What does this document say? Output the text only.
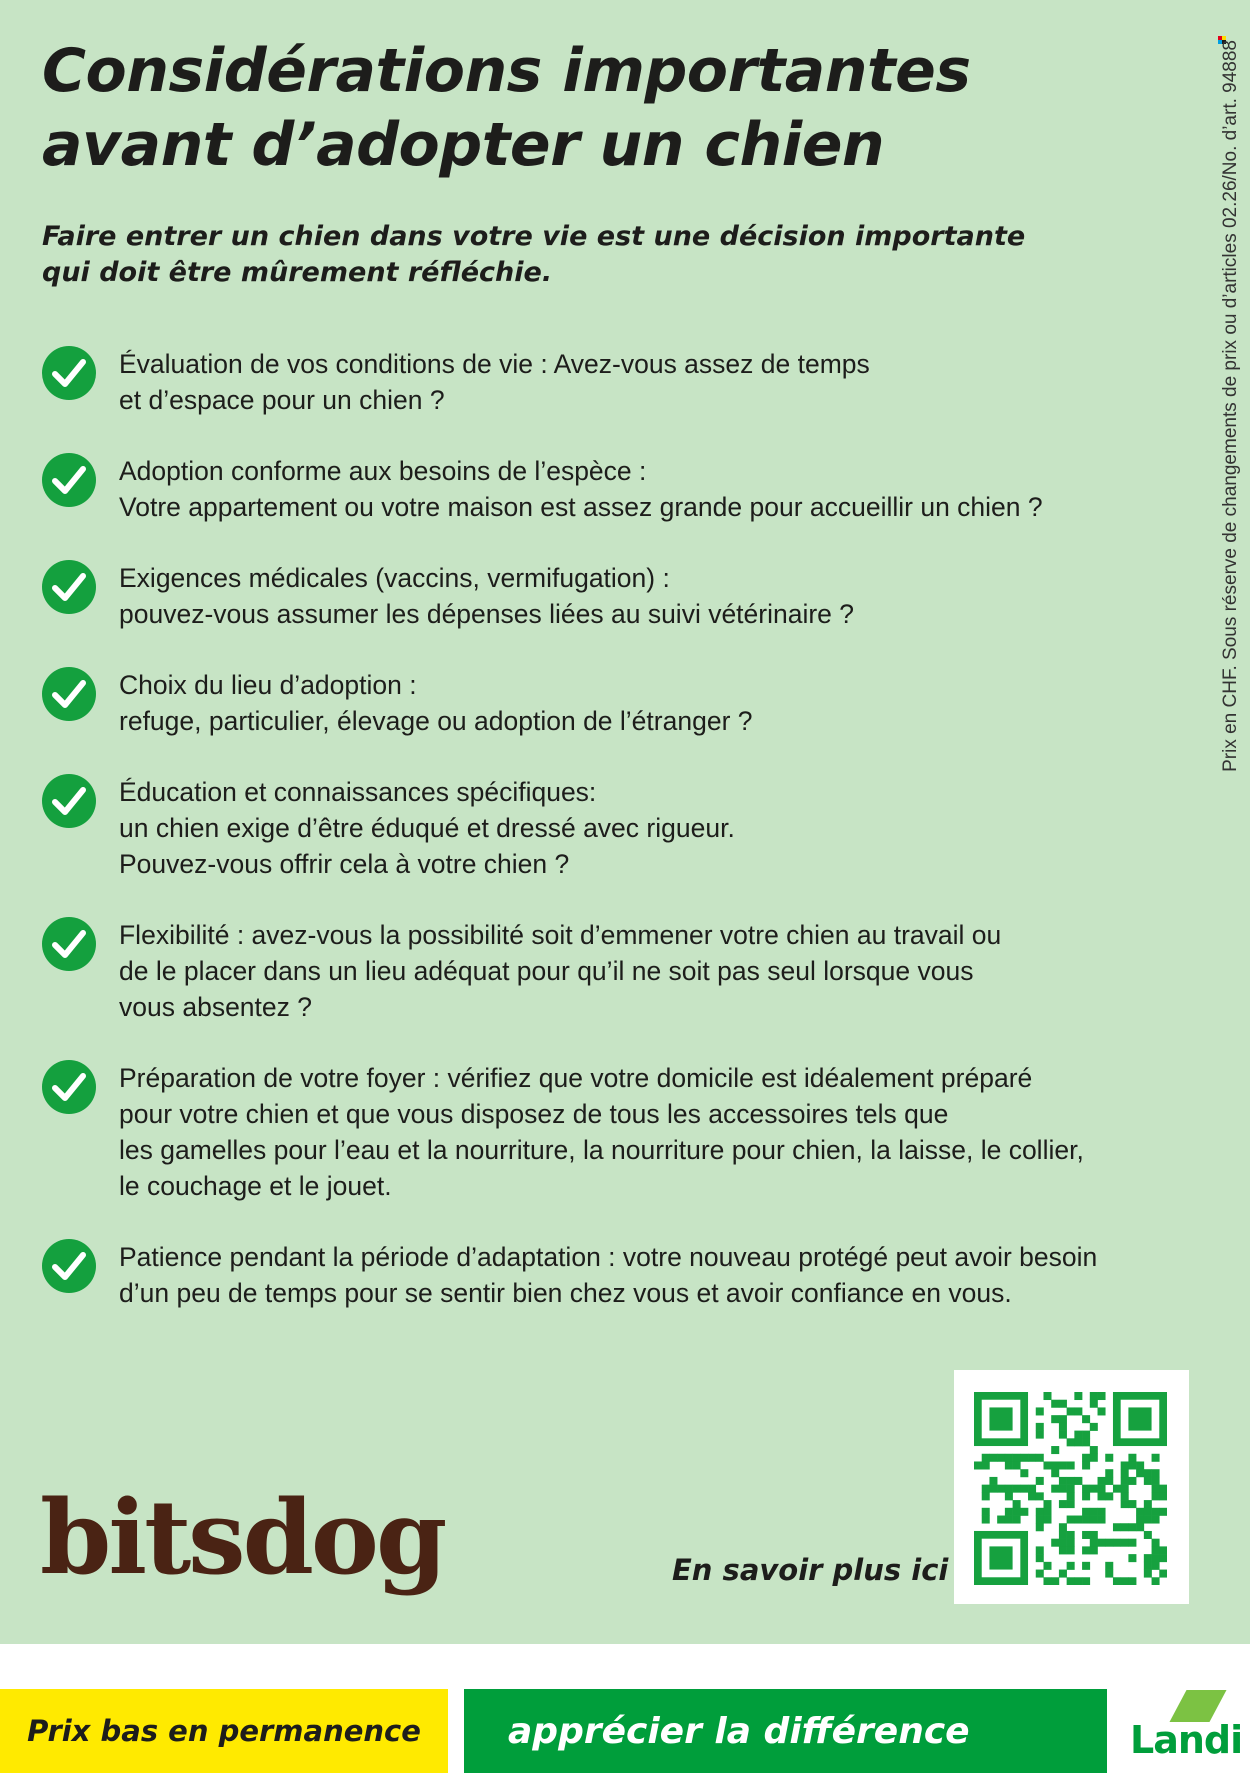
Considérations importantes avant d’adopter un chien

Faire entrer un chien dans votre vie est une décision importante
qui doit être mûrement réfléchie.

Évaluation de vos conditions de vie : Avez-vous assez de temps
et d’espace pour un chien ?

Adoption conforme aux besoins de l’espèce :
Votre appartement ou votre maison est assez grande pour accueillir un chien ?

Exigences médicales (vaccins, vermifugation) :
pouvez-vous assumer les dépenses liées au suivi vétérinaire ?

Choix du lieu d’adoption :
refuge, particulier, élevage ou adoption de l’étranger ?

Éducation et connaissances spécifiques:
un chien exige d’être éduqué et dressé avec rigueur.
Pouvez-vous offrir cela à votre chien ?

Flexibilité : avez-vous la possibilité soit d’emmener votre chien au travail ou
de le placer dans un lieu adéquat pour qu’il ne soit pas seul lorsque vous
vous absentez ?

Préparation de votre foyer : vérifiez que votre domicile est idéalement préparé
pour votre chien et que vous disposez de tous les accessoires tels que
les gamelles pour l’eau et la nourriture, la nourriture pour chien, la laisse, le collier,
le couchage et le jouet.

Patience pendant la période d’adaptation : votre nouveau protégé peut avoir besoin
d’un peu de temps pour se sentir bien chez vous et avoir confiance en vous.

Prix en CHF. Sous réserve de changements de prix ou d’articles 02.26/No. d’art. 94888
bitsdog	En savoir plus ici
Prix bas en permanence apprécier la différence	Landi
